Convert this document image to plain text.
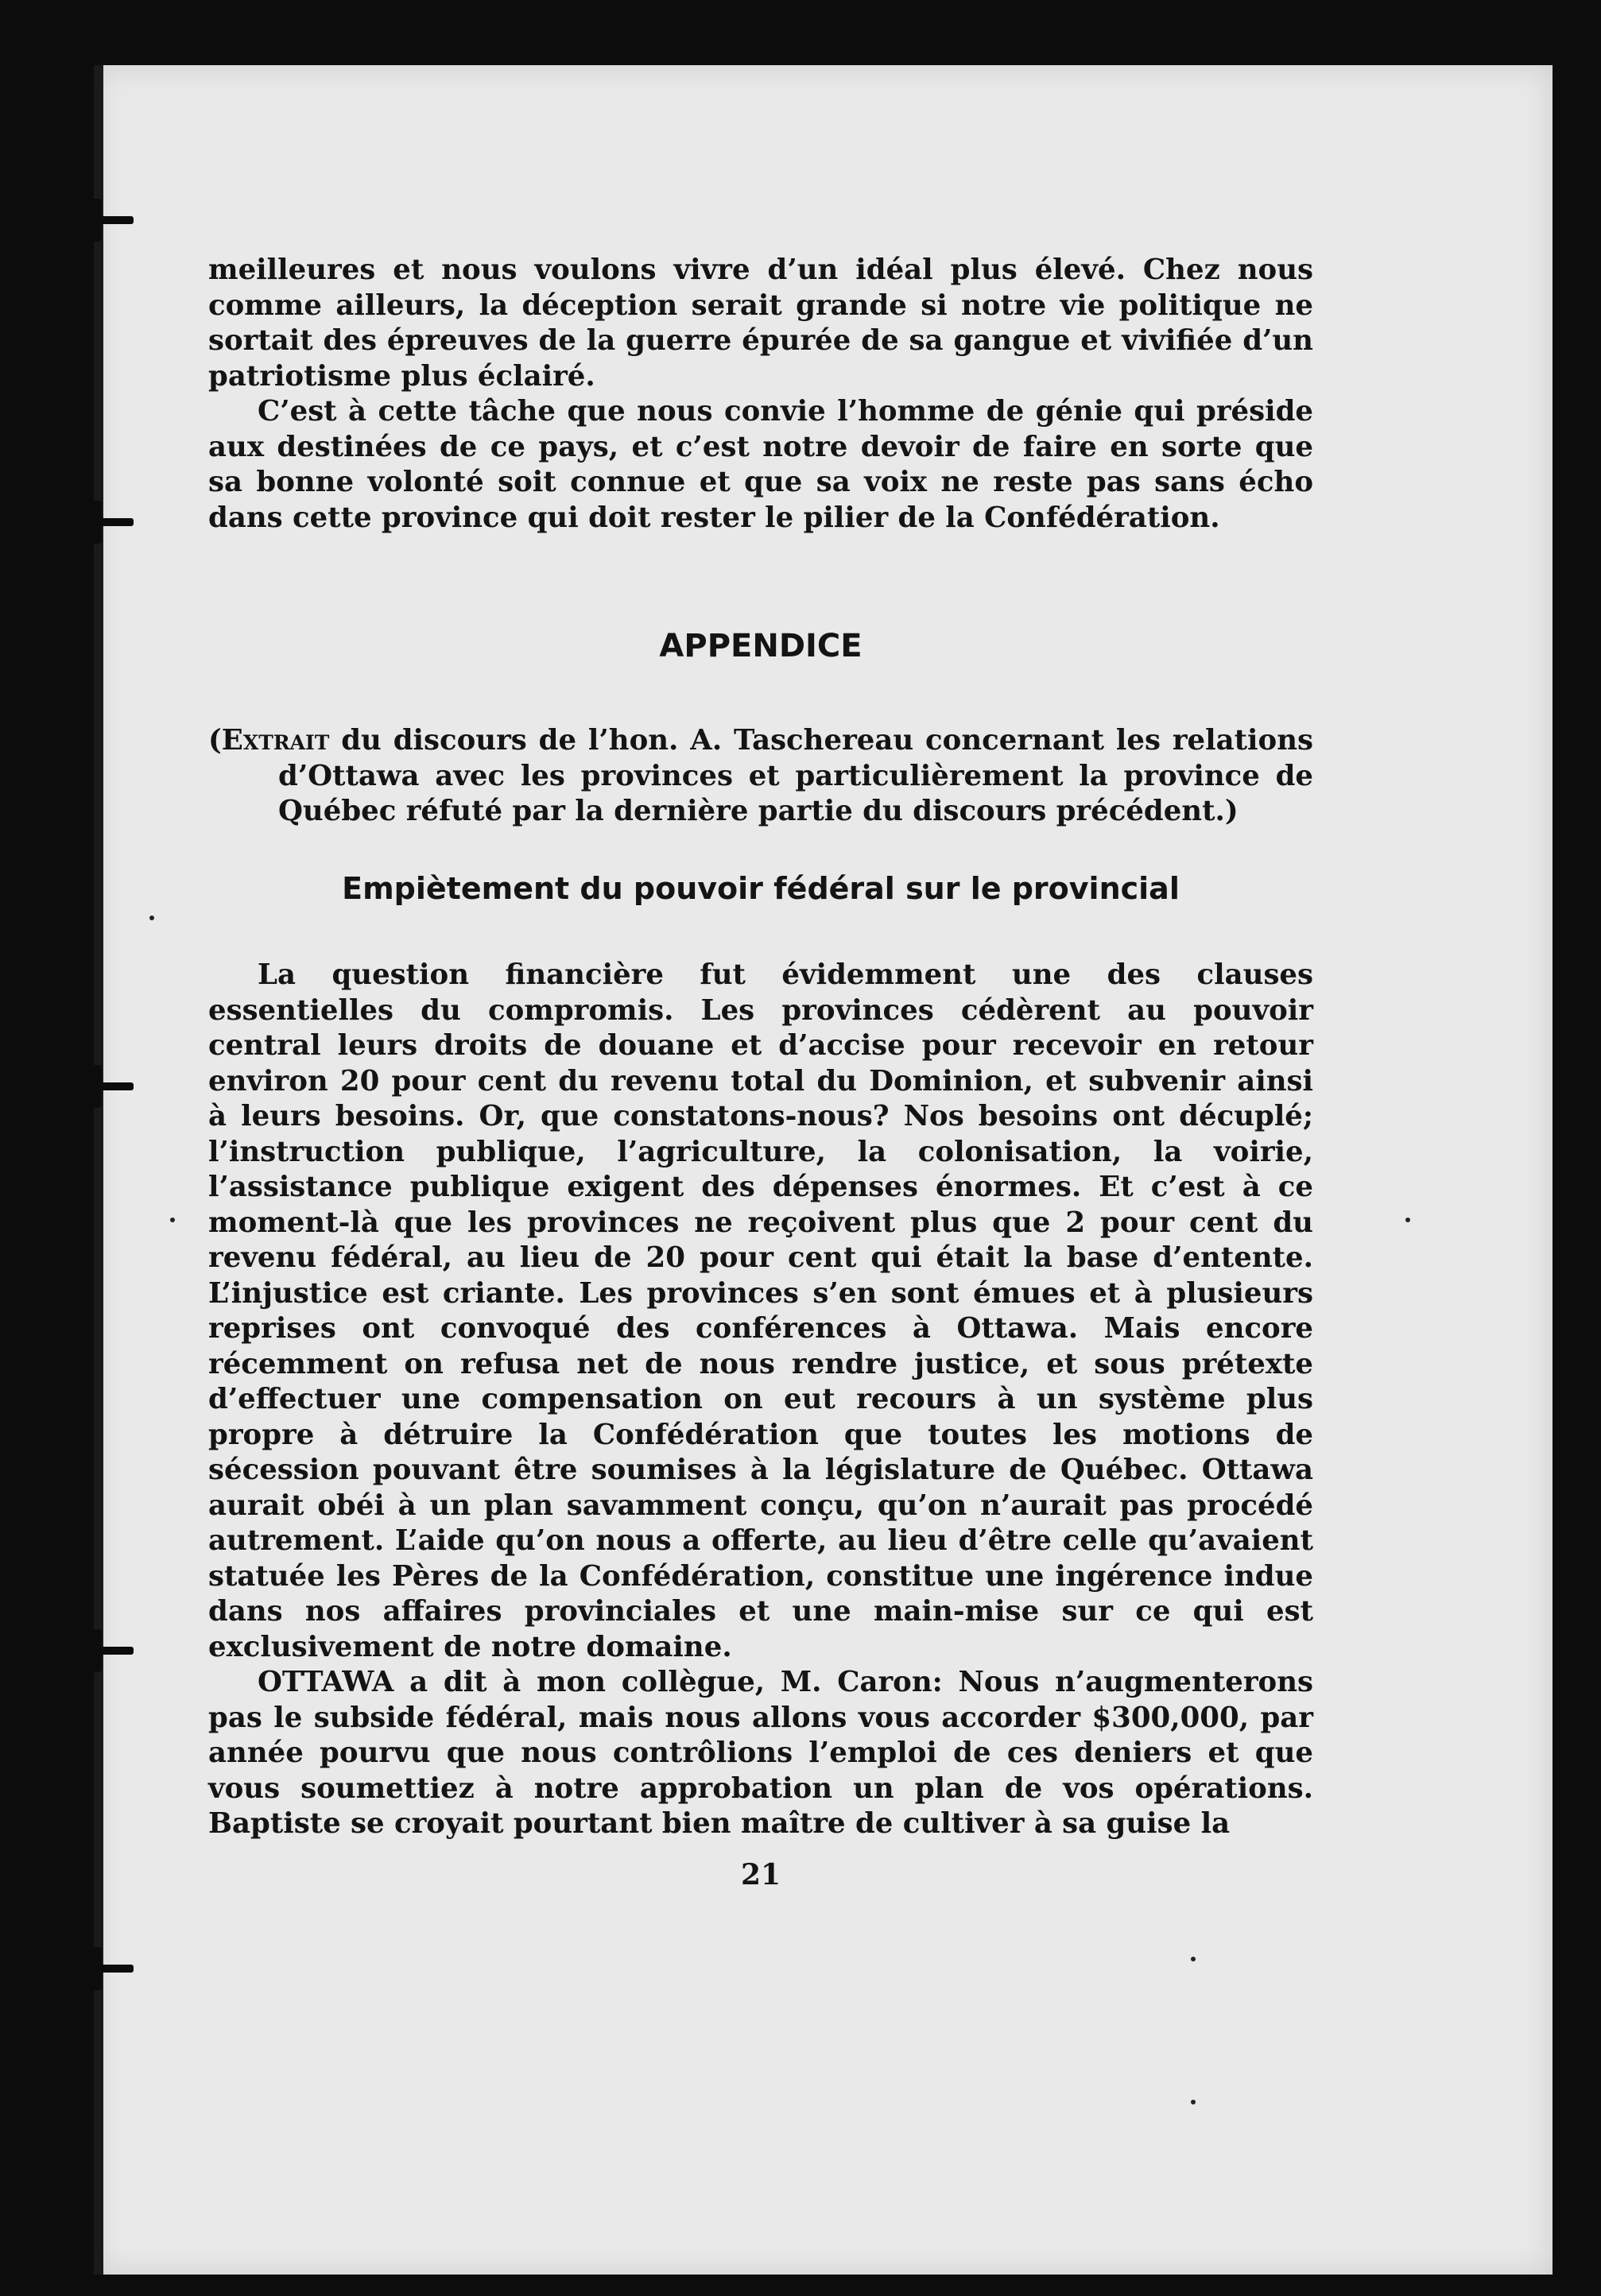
meilleures et nous voulons vivre d’un idéal plus élevé. Chez nous comme ailleurs, la déception serait grande si notre vie politique ne sortait des épreuves de la guerre épurée de sa gangue et vivifiée d’un patriotisme plus éclairé.

C’est à cette tâche que nous convie l’homme de génie qui préside aux destinées de ce pays, et c’est notre devoir de faire en sorte que sa bonne volonté soit connue et que sa voix ne reste pas sans écho dans cette province qui doit rester le pilier de la Confédération.

APPENDICE

(Extrait du discours de l’hon. A. Taschereau concernant les relations d’Ottawa avec les provinces et particulièrement la province de Québec réfuté par la dernière partie du discours précédent.)

Empiètement du pouvoir fédéral sur le provincial

La question financière fut évidemment une des clauses essentielles du compromis. Les provinces cédèrent au pouvoir central leurs droits de douane et d’accise pour recevoir en retour environ 20 pour cent du revenu total du Dominion, et subvenir ainsi à leurs besoins. Or, que constatons-nous? Nos besoins ont décuplé; l’instruction publique, l’agriculture, la colonisation, la voirie, l’assistance publique exigent des dépenses énormes. Et c’est à ce moment-là que les provinces ne reçoivent plus que 2 pour cent du revenu fédéral, au lieu de 20 pour cent qui était la base d’entente. L’injustice est criante. Les provinces s’en sont émues et à plusieurs reprises ont convoqué des conférences à Ottawa. Mais encore récemment on refusa net de nous rendre justice, et sous prétexte d’effectuer une compensation on eut recours à un système plus propre à détruire la Confédération que toutes les motions de sécession pouvant être soumises à la législature de Québec. Ottawa aurait obéi à un plan savamment conçu, qu’on n’aurait pas procédé autrement. L’aide qu’on nous a offerte, au lieu d’être celle qu’avaient statuée les Pères de la Confédération, constitue une ingérence indue dans nos affaires provinciales et une main-mise sur ce qui est exclusivement de notre domaine.

OTTAWA a dit à mon collègue, M. Caron: Nous n’augmenterons pas le subside fédéral, mais nous allons vous accorder $300,000, par année pourvu que nous contrôlions l’emploi de ces deniers et que vous soumettiez à notre approbation un plan de vos opérations. Baptiste se croyait pourtant bien maître de cultiver à sa guise la

21
